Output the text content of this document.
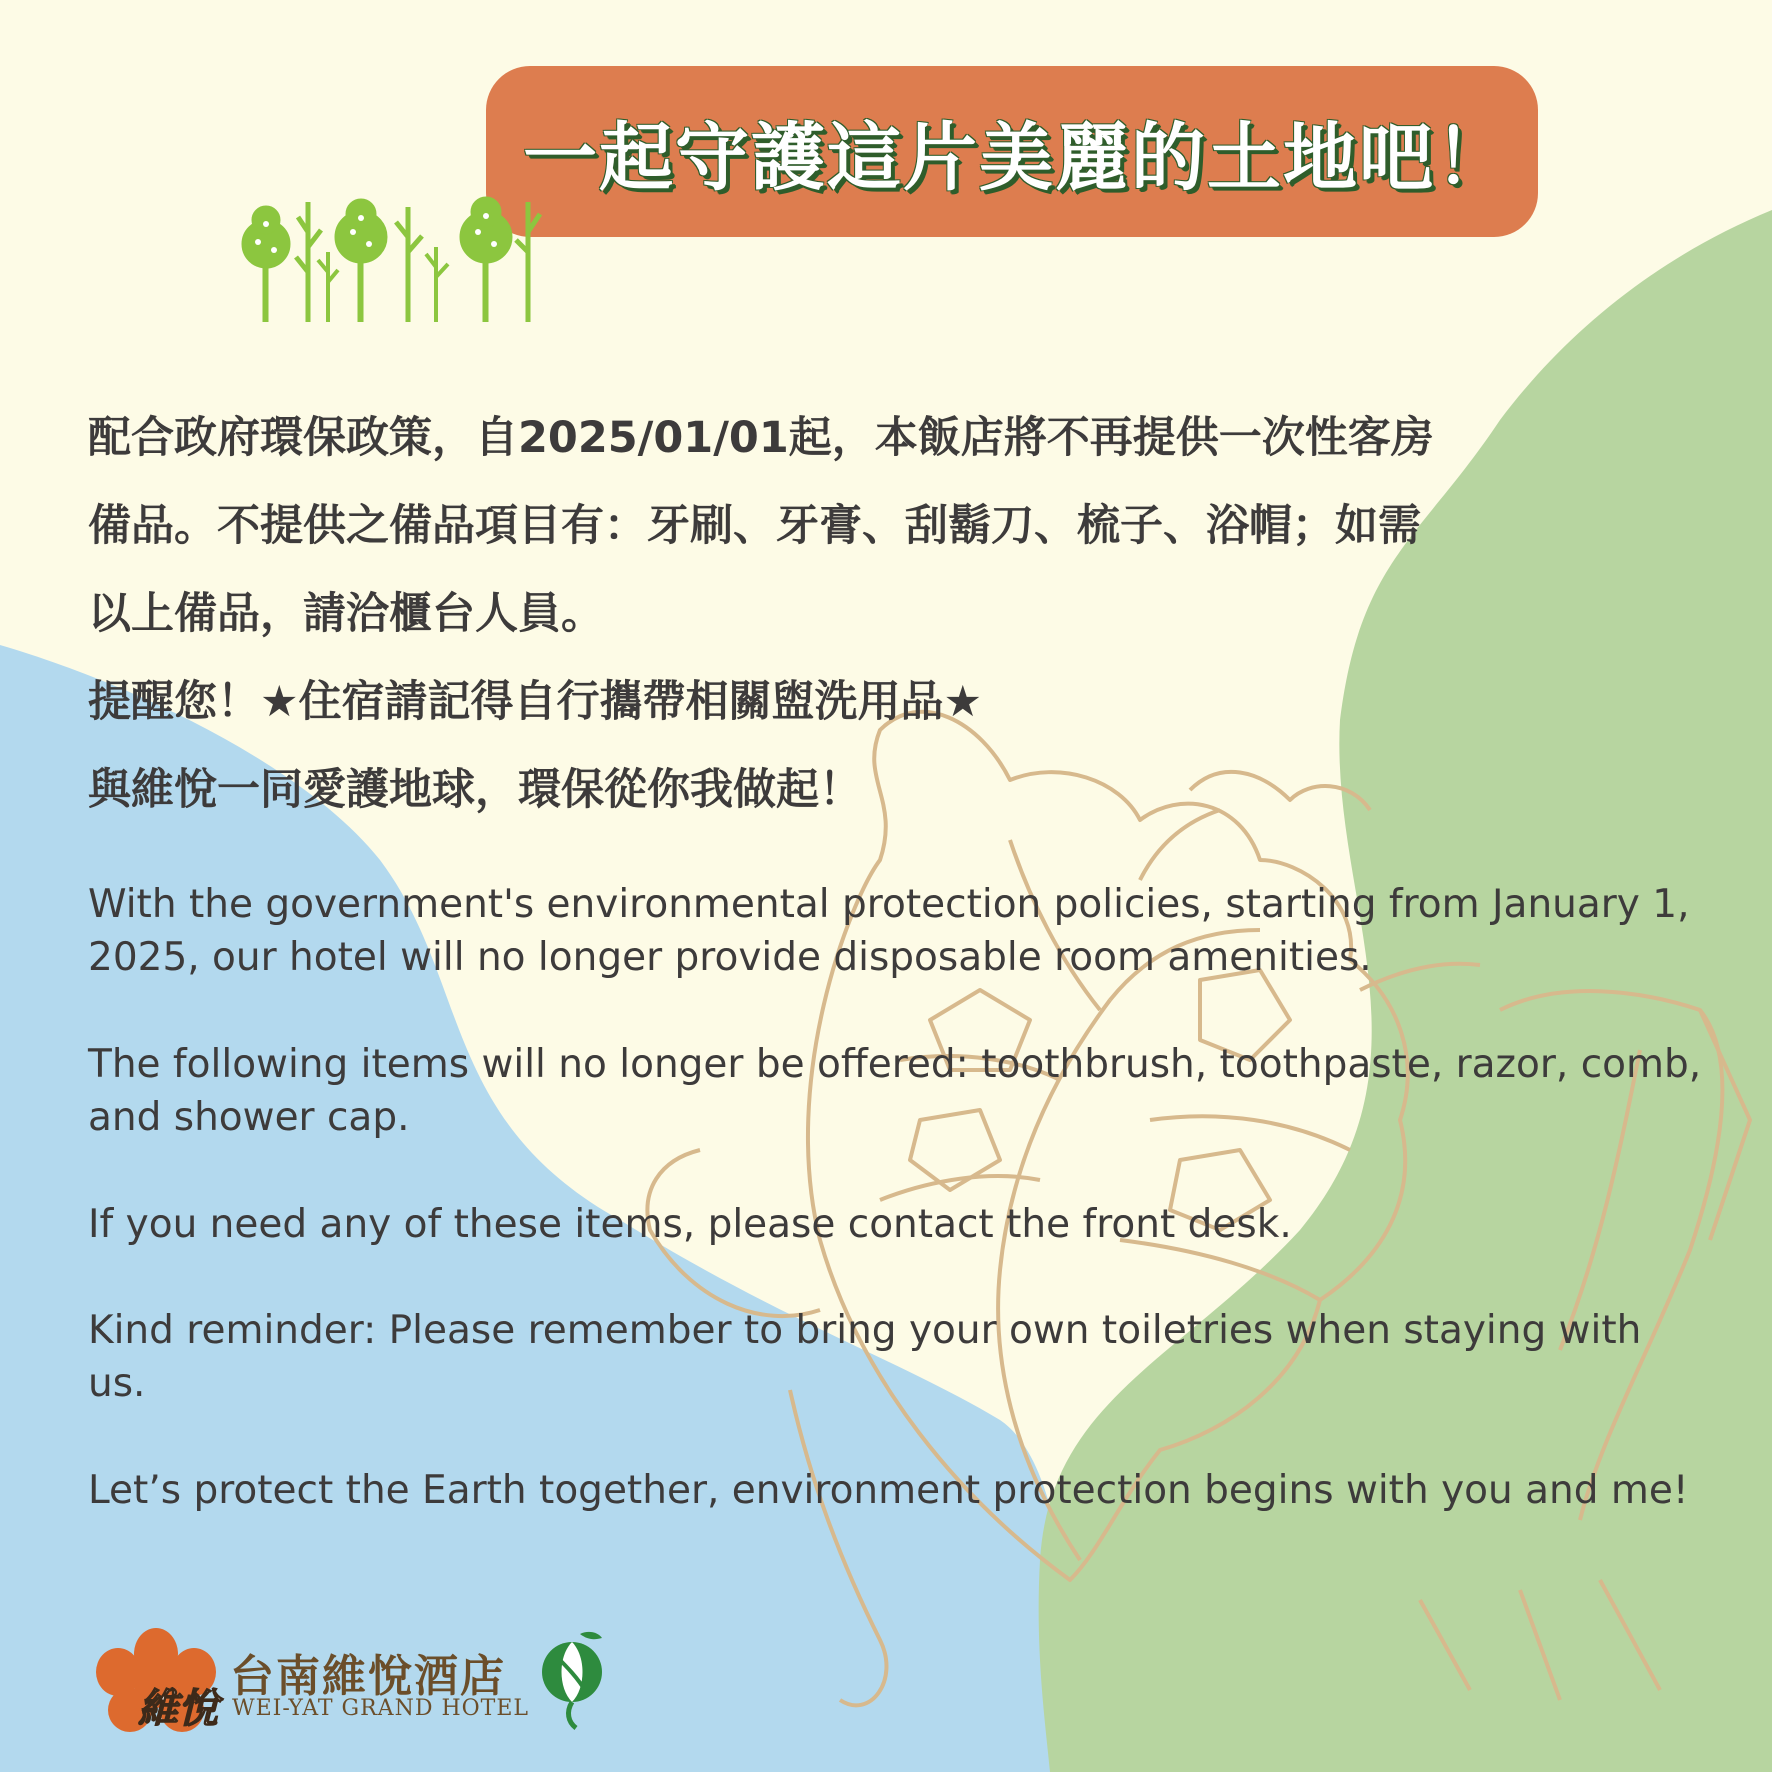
一起守護這片美麗的土地吧！

配合政府環保政策，自2025/01/01起，本飯店將不再提供一次性客房

備品。不提供之備品項目有：牙刷、牙膏、刮鬍刀、梳子、浴帽；如需

以上備品，請洽櫃台人員。

提醒您！★住宿請記得自行攜帶相關盥洗用品★

與維悅一同愛護地球，環保從你我做起！

With the government's environmental protection policies, starting from January 1, 2025, our hotel will no longer provide disposable room amenities.

The following items will no longer be offered: toothbrush, toothpaste, razor, comb, and shower cap.

If you need any of these items, please contact the front desk.

Kind reminder: Please remember to bring your own toiletries when staying with us.

Let’s protect the Earth together, environment protection begins with you and me!

維悅
台南維悅酒店
WEI-YAT GRAND HOTEL
